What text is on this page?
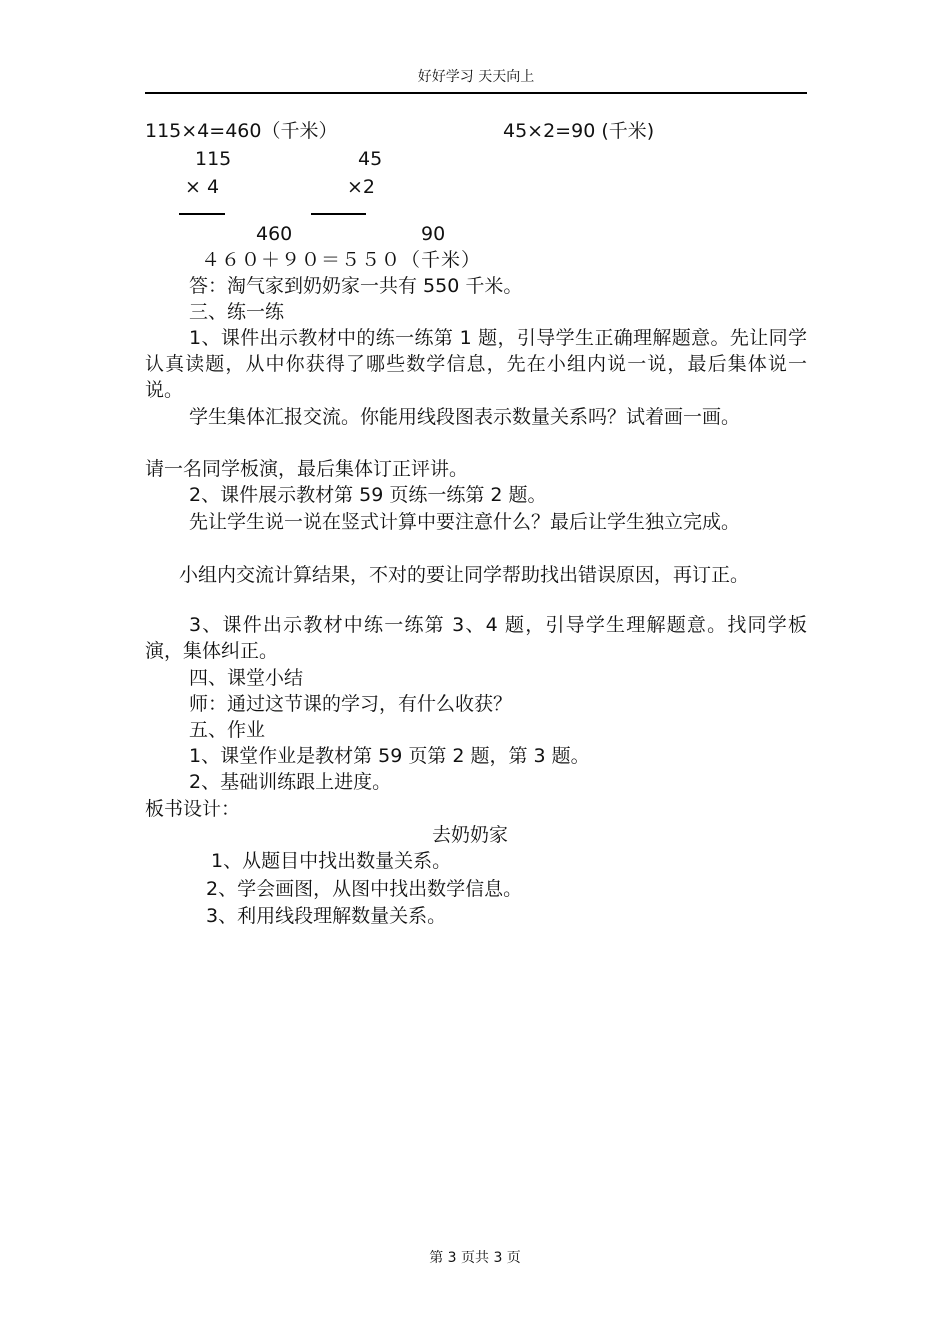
好好学习 天天向上
115×4=460（千米）	45×2=90 (千米)
115	45
× 4	×2
460	90
４６０＋９０＝５５０（千米）
答：淘气家到奶奶家一共有 550 千米。
三、练一练
1、课件出示教材中的练一练第 1 题，引导学生正确理解题意。先让同学认真读题，从中你获得了哪些数学信息，先在小组内说一说，最后集体说一说。
学生集体汇报交流。你能用线段图表示数量关系吗？试着画一画。
请一名同学板演，最后集体订正评讲。
2、课件展示教材第 59 页练一练第 2 题。
先让学生说一说在竖式计算中要注意什么？最后让学生独立完成。
小组内交流计算结果，不对的要让同学帮助找出错误原因，再订正。
3、课件出示教材中练一练第 3、4 题，引导学生理解题意。找同学板演，集体纠正。
四、课堂小结
师：通过这节课的学习，有什么收获？
五、作业
1、课堂作业是教材第 59 页第 2 题，第 3 题。
2、基础训练跟上进度。
板书设计：
去奶奶家
1、从题目中找出数量关系。
2、学会画图，从图中找出数学信息。
3、利用线段理解数量关系。
第 3 页共 3 页
